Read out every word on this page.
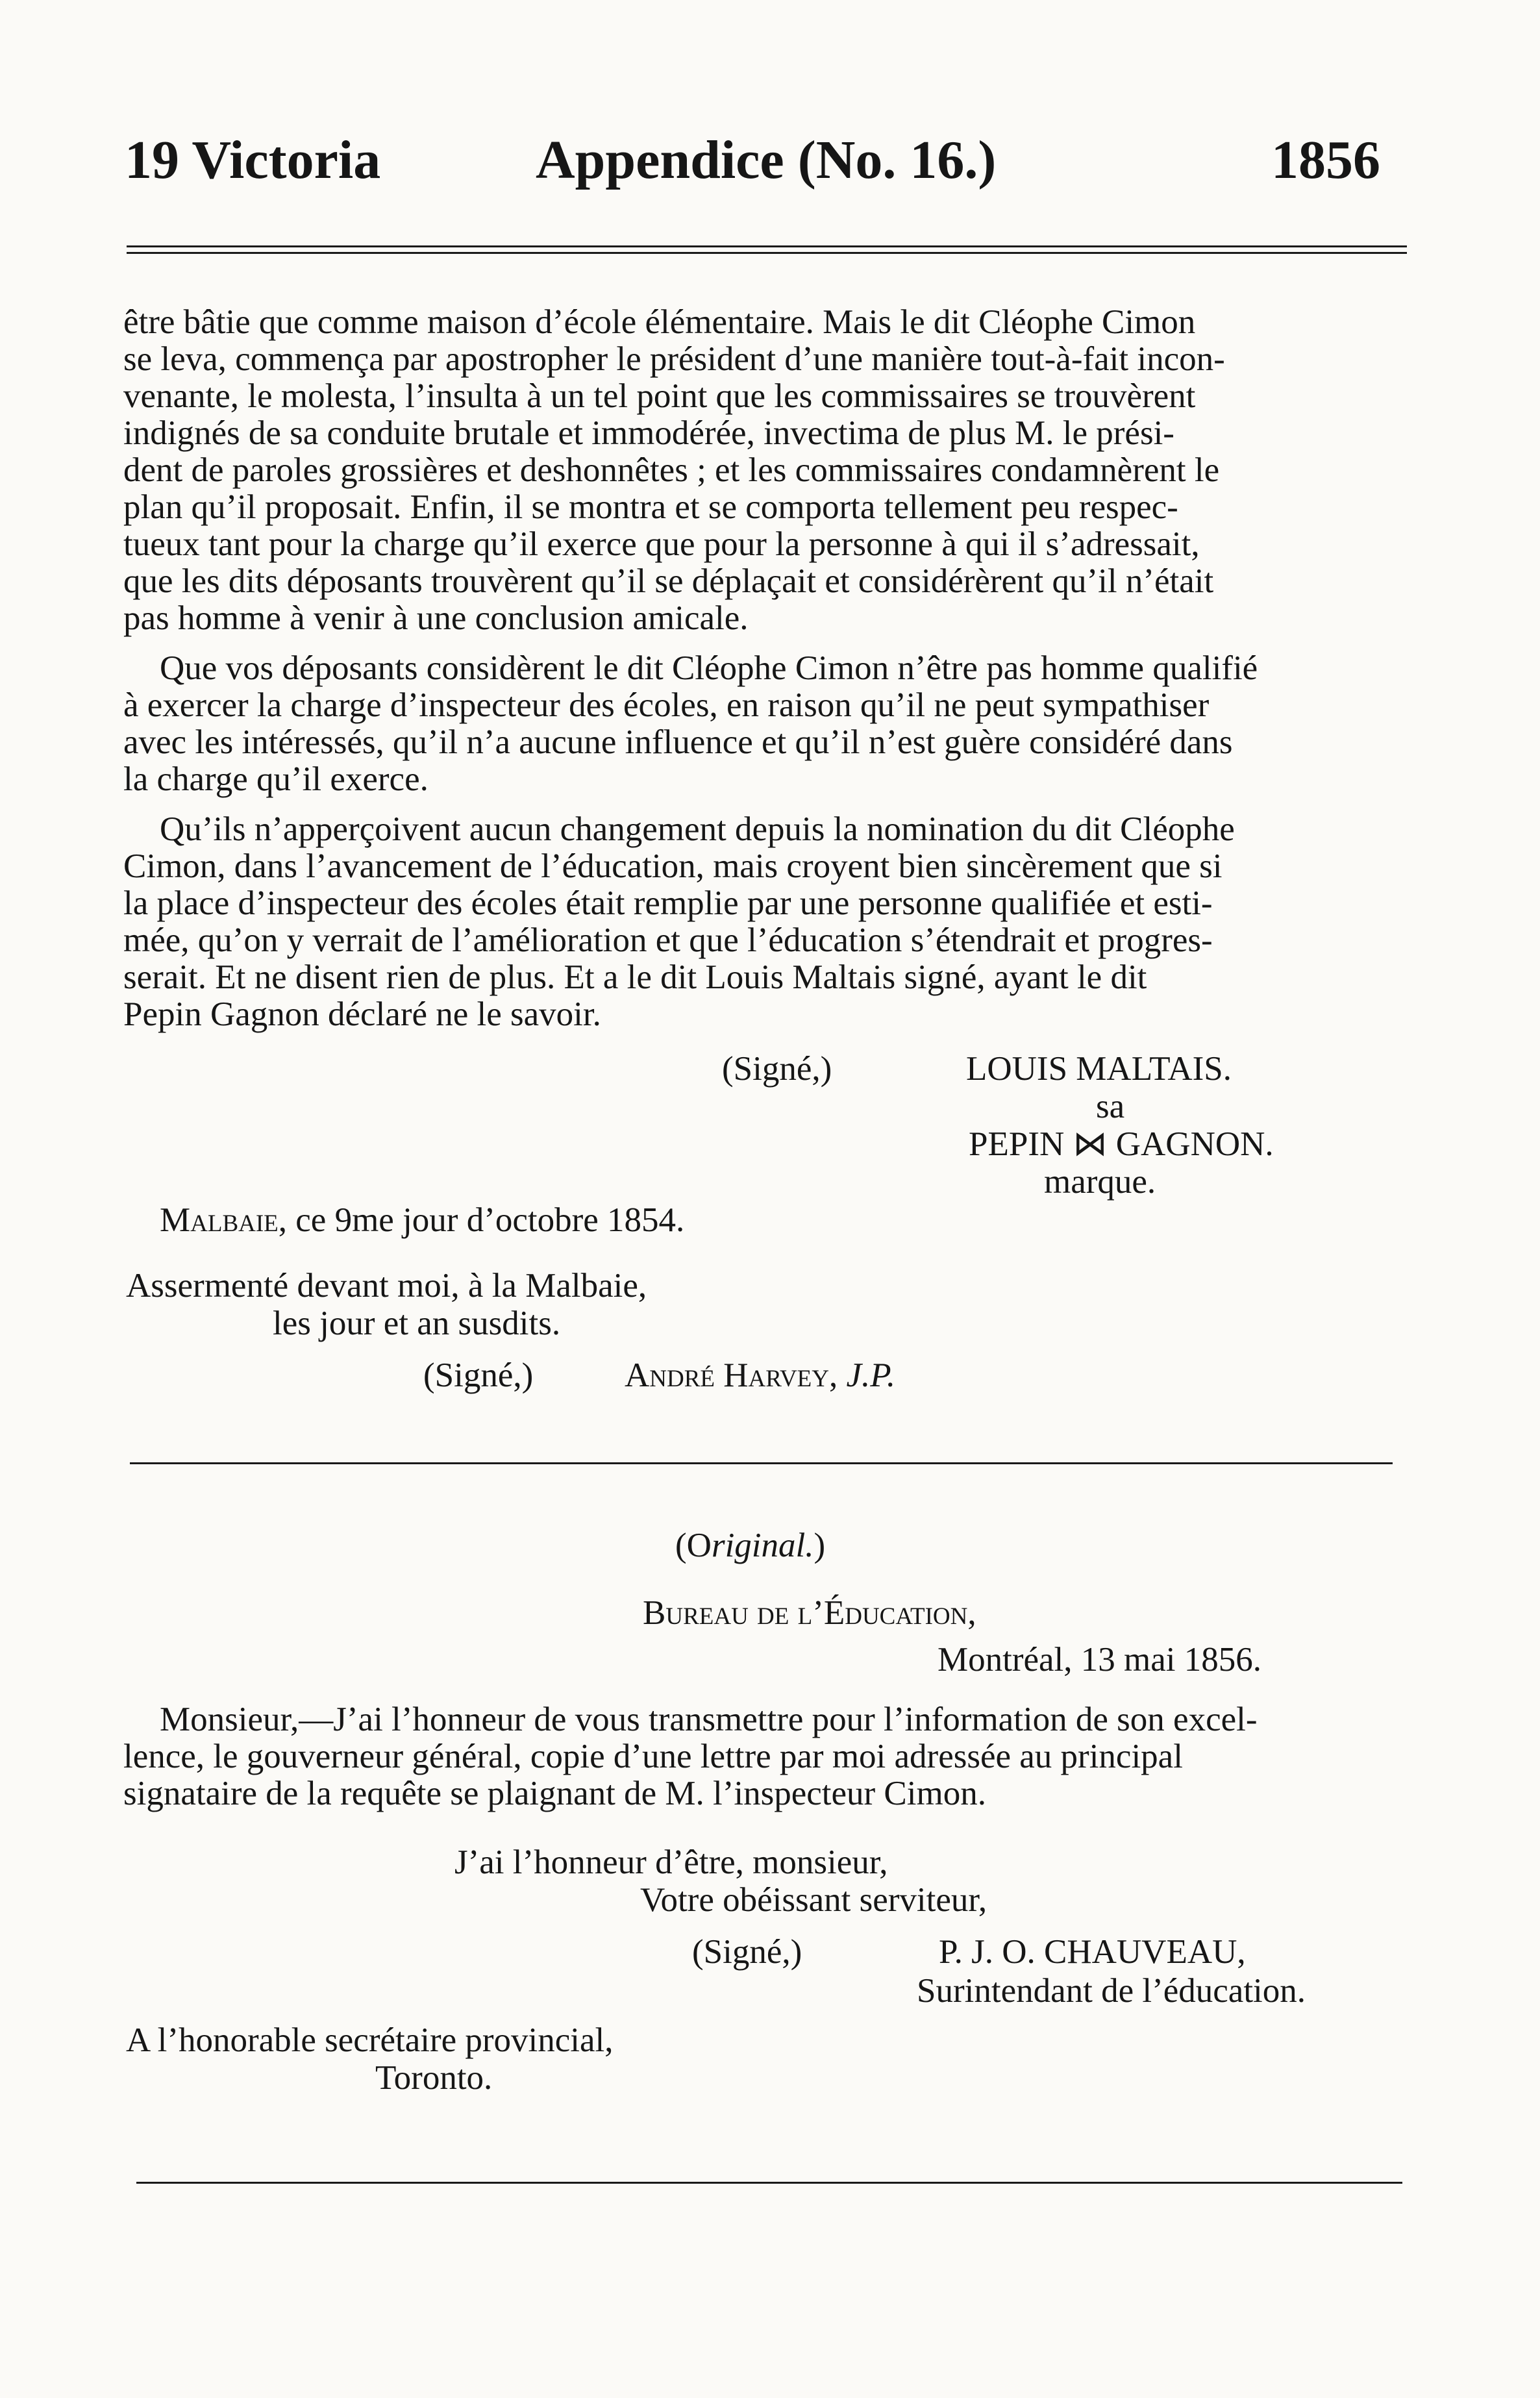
19 Victoria	Appendice (No. 16.)	1856

être bâtie que comme maison d’école élémentaire. Mais le dit Cléophe Cimon
se leva, commença par apostropher le président d’une manière tout-à-fait incon-
venante, le molesta, l’insulta à un tel point que les commissaires se trouvèrent
indignés de sa conduite brutale et immodérée, invectima de plus M. le prési-
dent de paroles grossières et deshonnêtes ; et les commissaires condamnèrent le
plan qu’il proposait. Enfin, il se montra et se comporta tellement peu respec-
tueux tant pour la charge qu’il exerce que pour la personne à qui il s’adressait,
que les dits déposants trouvèrent qu’il se déplaçait et considérèrent qu’il n’était
pas homme à venir à une conclusion amicale.

Que vos déposants considèrent le dit Cléophe Cimon n’être pas homme qualifié
à exercer la charge d’inspecteur des écoles, en raison qu’il ne peut sympathiser
avec les intéressés, qu’il n’a aucune influence et qu’il n’est guère considéré dans
la charge qu’il exerce.

Qu’ils n’apperçoivent aucun changement depuis la nomination du dit Cléophe
Cimon, dans l’avancement de l’éducation, mais croyent bien sincèrement que si
la place d’inspecteur des écoles était remplie par une personne qualifiée et esti-
mée, qu’on y verrait de l’amélioration et que l’éducation s’étendrait et progres-
serait. Et ne disent rien de plus. Et a le dit Louis Maltais signé, ayant le dit
Pepin Gagnon déclaré ne le savoir.

(Signé,)	LOUIS MALTAIS.
sa
PEPIN ⋈ GAGNON.
marque.
Malbaie, ce 9me jour d’octobre 1854.
Assermenté devant moi, à la Malbaie,
les jour et an susdits.
(Signé,)	André Harvey, J.P.
(Original.)
Bureau de l’Éducation,
Montréal, 13 mai 1856.

Monsieur,—J’ai l’honneur de vous transmettre pour l’information de son excel-
lence, le gouverneur général, copie d’une lettre par moi adressée au principal
signataire de la requête se plaignant de M. l’inspecteur Cimon.

J’ai l’honneur d’être, monsieur,
Votre obéissant serviteur,
(Signé,)	P. J. O. CHAUVEAU,
Surintendant de l’éducation.
A l’honorable secrétaire provincial,
Toronto.
